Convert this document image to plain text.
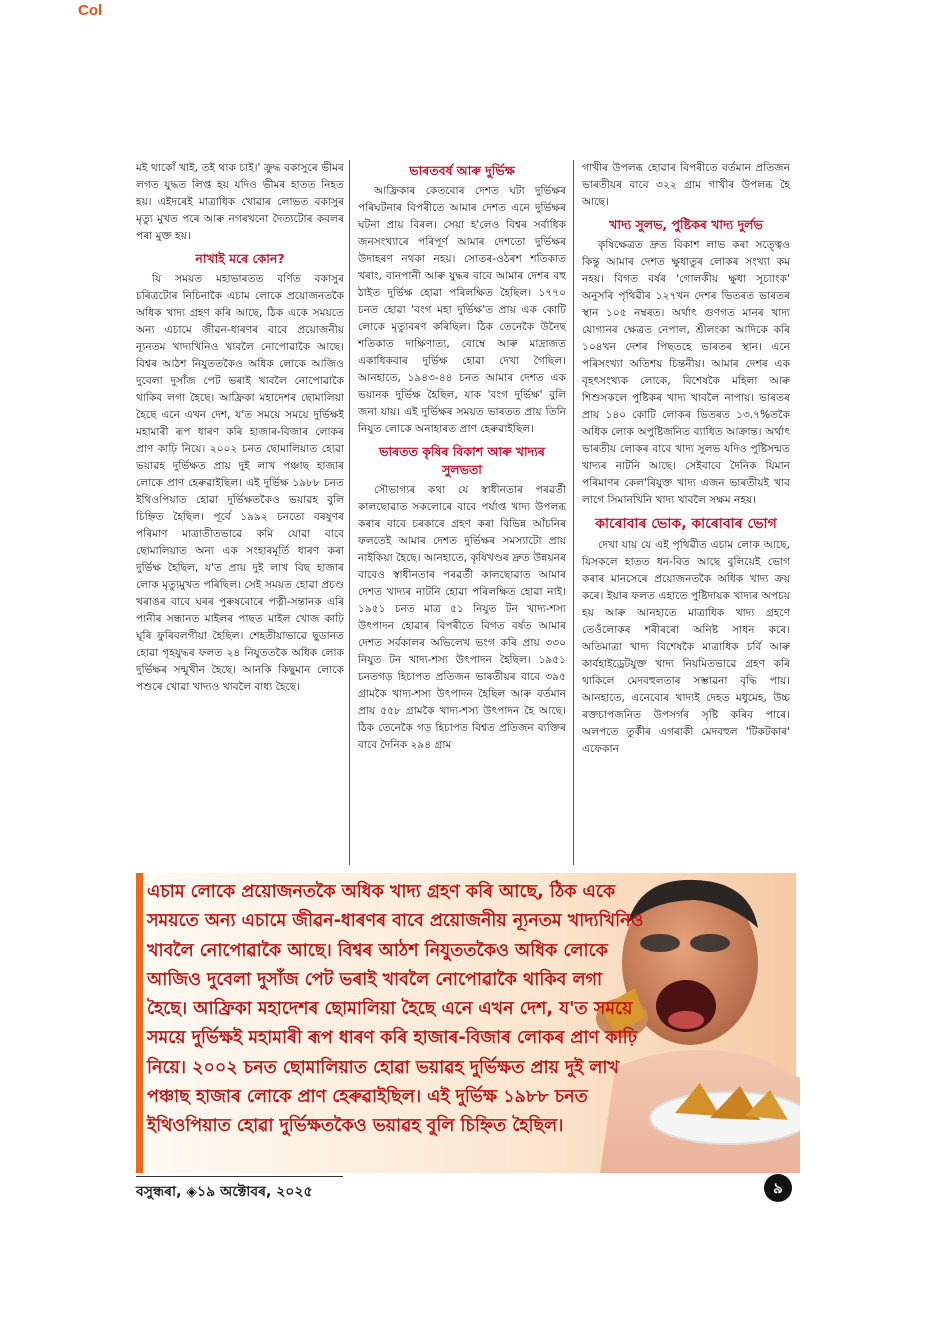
Col

মই থাকোঁ খাই, তই থাক চাই।' ক্রুদ্ধ বকাসুৰে ভীমৰ লগত যুদ্ধত লিপ্ত হয় যদিও ভীমৰ হাতত নিহত হয়। এইদৰেই মাত্ৰাধিক খোৱাৰ লোভত বকাসুৰ মৃত্যু মুখত পৰে আৰু নগৰখনো দৈত্যটোৰ কবলৰ পৰা মুক্ত হয়।

নাখাই মৰে কোন?

যি সময়ত মহাভাৰতত বৰ্ণিত বকাসুৰ চৰিত্ৰটোৰ নিচিনাকৈ এচাম লোকে প্ৰয়োজনতকৈ অধিক খাদ্য গ্ৰহণ কৰি আছে, ঠিক একে সময়তে অন্য এচামে জীৱন-ধাৰণৰ বাবে প্ৰয়োজনীয় ন্যূনতম খাদ্যখিনিও খাবলৈ নোপোৱাকৈ আছে। বিশ্বৰ আঠশ নিযুততকৈও অধিক লোকে আজিও দুবেলা দুসাঁজ পেট ভৰাই খাবলৈ নোপোৱাকৈ থাকিব লগা হৈছে। আফ্ৰিকা মহাদেশৰ ছোমালিয়া হৈছে এনে এখন দেশ, য'ত সময়ে সময়ে দুৰ্ভিক্ষই মহামাৰী ৰূপ ধাৰণ কৰি হাজাৰ-বিজাৰ লোকৰ প্ৰাণ কাঢ়ি নিয়ে। ২০০২ চনত ছোমালিয়াত হোৱা ভয়াৱহ দুৰ্ভিক্ষত প্ৰায় দুই লাখ পঞ্চাছ হাজাৰ লোকে প্ৰাণ হেৰুৱাইছিল। এই দুৰ্ভিক্ষ ১৯৮৮ চনত ইথিওপিয়াত হোৱা দুৰ্ভিক্ষতকৈও ভয়াৱহ বুলি চিহ্নিত হৈছিল। পূৰ্বে ১৯৯২ চনতো বৰষুণৰ পৰিমাণ মাত্ৰাতীতভাৱে কমি যোৱা বাবে ছোমালিয়াত অন্য এক সংহাৰমূৰ্তি ধাৰণ কৰা দুৰ্ভিক্ষ হৈছিল, য'ত প্ৰায় দুই লাখ বিছ হাজাৰ লোক মৃত্যুমুখত পৰিছিল। সেই সময়ত হোৱা প্ৰচণ্ড খৰাঙৰ বাবে ঘৰৰ পুৰুষবোৰে পত্নী-সন্তানক এৰি পানীৰ সন্ধানত মাইলৰ পাছত মাইল খোজ কাঢ়ি ঘূৰি ফুৰিবলগীয়া হৈছিল। শেহতীয়াভাৱে ছুডানত হোৱা গৃহযুদ্ধৰ ফলত ২৪ নিযুততকৈ অধিক লোক দুৰ্ভিক্ষৰ সন্মুখীন হৈছে। আনকি কিছুমান লোকে পশুৰে খোৱা খাদ্যও খাবলৈ বাধ্য হৈছে।

ভাৰতবৰ্ষ আৰু দুৰ্ভিক্ষ

আফ্ৰিকাৰ কেতবোৰ দেশত ঘটা দুৰ্ভিক্ষৰ পৰিঘটনাৰ বিপৰীতে আমাৰ দেশত এনে দুৰ্ভিক্ষৰ ঘটনা প্ৰায় বিৰল। সেয়া হ'লেও বিশ্বৰ সৰ্বাধিক জনসংখ্যাৰে পৰিপূৰ্ণ আমাৰ দেশতো দুৰ্ভিক্ষৰ উদাহৰণ নথকা নহয়। সোতৰ-ওঠৰশ শতিকাত খৰাং, বানপানী আৰু যুদ্ধৰ বাবে আমাৰ দেশৰ বহু ঠাইত দুৰ্ভিক্ষ হোৱা পৰিলক্ষিত হৈছিল। ১৭৭০ চনত হোৱা 'বংগ মহা দুৰ্ভিক্ষ'ত প্ৰায় এক কোটি লোকে মৃত্যুবৰণ কৰিছিল। ঠিক তেনেকৈ উনৈছ শতিকাত দাক্ষিণাত্য, বোম্বে আৰু মাদ্ৰাজত একাধিকবাৰ দুৰ্ভিক্ষ হোৱা দেখা গৈছিল। আনহাতে, ১৯৪৩-৪৪ চনত আমাৰ দেশত এক ভয়ানক দুৰ্ভিক্ষ হৈছিল, যাক 'বংগ দুৰ্ভিক্ষ' বুলি জনা যায়। এই দুৰ্ভিক্ষৰ সময়ত ভাৰতত প্ৰায় তিনি নিযুত লোকে অনাহাৰত প্ৰাণ হেৰুৱাইছিল।

ভাৰতত কৃষিৰ বিকাশ আৰু খাদ্যৰ সুলভতা

সৌভাগ্যৰ কথা যে স্বাধীনতাৰ পৰৱৰ্তী কালছোৱাত সকলোৰে বাবে পৰ্যাপ্ত খাদ্য উপলব্ধ কৰাৰ বাবে চৰকাৰে গ্ৰহণ কৰা বিভিন্ন আঁচনিৰ ফলতেই আমাৰ দেশত দুৰ্ভিক্ষৰ সমস্যাটো প্ৰায় নাইকিয়া হৈছে। আনহাতে, কৃষিখণ্ডৰ দ্ৰুত উন্নয়নৰ বাবেও স্বাধীনতাৰ পৰৱৰ্তী কালছোৱাত আমাৰ দেশত খাদ্যৰ নাটনি হোৱা পৰিলক্ষিত হোৱা নাই। ১৯৫১ চনত মাত্ৰ ৫১ নিযুত টন খাদ্য-শস্য উৎপাদন হোৱাৰ বিপৰীতে বিগত বৰ্ষত আমাৰ দেশত সৰ্বকালৰ অভিলেখ ভংগ কৰি প্ৰায় ৩৩০ নিযুত টন খাদ্য-শস্য উৎপাদন হৈছিল। ১৯৫১ চনতগড় হিচাপত প্ৰতিজন ভাৰতীয়ৰ বাবে ৩৯৫ গ্ৰামকৈ খাদ্য-শস্য উৎপাদন হৈছিল আৰু বৰ্তমান প্ৰায় ৫৫৮ গ্ৰামকৈ খাদ্য-শস্য উৎপাদন হৈ আছে। ঠিক তেনেকৈ গড় হিচাপত বিশ্বত প্ৰতিজন ব্যক্তিৰ বাবে দৈনিক ২৯৪ গ্ৰাম

গাখীৰ উপলব্ধ হোৱাৰ বিপৰীতে বৰ্তমান প্ৰতিজন ভাৰতীয়ৰ বাবে ৩২২ গ্ৰাম গাখীৰ উপলব্ধ হৈ আছে।

খাদ্য সুলভ, পুষ্টিকৰ খাদ্য দুৰ্লভ

কৃষিক্ষেত্ৰত দ্ৰুত বিকাশ লাভ কৰা সত্ত্বেও কিন্তু আমাৰ দেশত ক্ষুধাতুৰ লোকৰ সংখ্যা কম নহয়। বিগত বৰ্ষৰ 'গোলকীয় ক্ষুধা সূচ্যাংক' অনুসৰি পৃথিৱীৰ ১২৭খন দেশৰ ভিতৰত ভাৰতৰ স্থান ১০৫ নম্বৰত। অৰ্থাৎ গুণগত মানৰ খাদ্য যোগানৰ ক্ষেত্ৰত নেপাল, শ্ৰীলংকা আদিকে কৰি ১০৪খন দেশৰ পিছতহে ভাৰতৰ স্থান। এনে পৰিসংখ্যা অতিশয় চিন্তনীয়। আমাৰ দেশৰ এক বৃহৎসংখ্যক লোকে, বিশেষকৈ মহিলা আৰু শিশুসকলে পুষ্টিকৰ খাদ্য খাবলৈ নাপায়। ভাৰতৰ প্ৰায় ১৪০ কোটি লোকৰ ভিতৰত ১৩.৭%তকৈ অধিক লোক অপুষ্টিজনিত ব্যাধিত আক্ৰান্ত। অৰ্থাৎ ভাৰতীয় লোকৰ বাবে খাদ্য সুলভ যদিও পুষ্টিসন্মত খাদ্যৰ নাটনি আছে। সেইবাবে দৈনিক যিমান পৰিমাণৰ কেল'ৰিযুক্ত খাদ্য এজন ভাৰতীয়ই খাব লাগে সিমানখিনি খাদ্য খাবলৈ সক্ষম নহয়।

কাৰোবাৰ ভোক, কাৰোবাৰ ভোগ

দেখা যায় যে এই পৃথিৱীত এচাম লোক আছে, যিসকলে হাতত ধন-বিত আছে বুলিয়েই ভোগ কৰাৰ মানসেৰে প্ৰয়োজনতকৈ অধিক খাদ্য ক্ৰয় কৰে। ইয়াৰ ফলত এহাতে পুষ্টিদায়ক খাদ্যৰ অপচয় হয় আৰু আনহাতে মাত্ৰাধিক খাদ্য গ্ৰহণে তেওঁলোকৰ শৰীৰৰো অনিষ্ট সাধন কৰে। অতিমাত্ৰা খাদ্য বিশেষকৈ মাত্ৰাধিক চৰ্বি আৰু কাৰ্বহাইড্ৰেটযুক্ত খাদ্য নিয়মিতভাৱে গ্ৰহণ কৰি থাকিলে মেদবহুলতাৰ সম্ভাৱনা বৃদ্ধি পায়। আনহাতে, এনেবোৰ খাদ্যই দেহত মধুমেহ, উচ্চ ৰক্তচাপজনিত উপসৰ্গৰ সৃষ্টি কৰিব পাৰে। অলপতে তুৰ্কীৰ এগৰাকী মেদবহুল 'টিকটকাৰ' এফেকান

এচাম লোকে প্ৰয়োজনতকৈ অধিক খাদ্য গ্ৰহণ কৰি আছে, ঠিক একে সময়তে অন্য এচামে জীৱন-ধাৰণৰ বাবে প্ৰয়োজনীয় ন্যূনতম খাদ্যখিনিও খাবলৈ নোপোৱাকৈ আছে। বিশ্বৰ আঠশ নিযুততকৈও অধিক লোকে আজিও দুবেলা দুসাঁজ পেট ভৰাই খাবলৈ নোপোৱাকৈ থাকিব লগা হৈছে। আফ্ৰিকা মহাদেশৰ ছোমালিয়া হৈছে এনে এখন দেশ, য'ত সময়ে সময়ে দুৰ্ভিক্ষই মহামাৰী ৰূপ ধাৰণ কৰি হাজাৰ-বিজাৰ লোকৰ প্ৰাণ কাঢ়ি নিয়ে। ২০০২ চনত ছোমালিয়াত হোৱা ভয়াৱহ দুৰ্ভিক্ষত প্ৰায় দুই লাখ পঞ্চাছ হাজাৰ লোকে প্ৰাণ হেৰুৱাইছিল। এই দুৰ্ভিক্ষ ১৯৮৮ চনত ইথিওপিয়াত হোৱা দুৰ্ভিক্ষতকৈও ভয়াৱহ বুলি চিহ্নিত হৈছিল।

বসুন্ধৰা, ◈১৯ অক্টোবৰ, ২০২৫	৯
